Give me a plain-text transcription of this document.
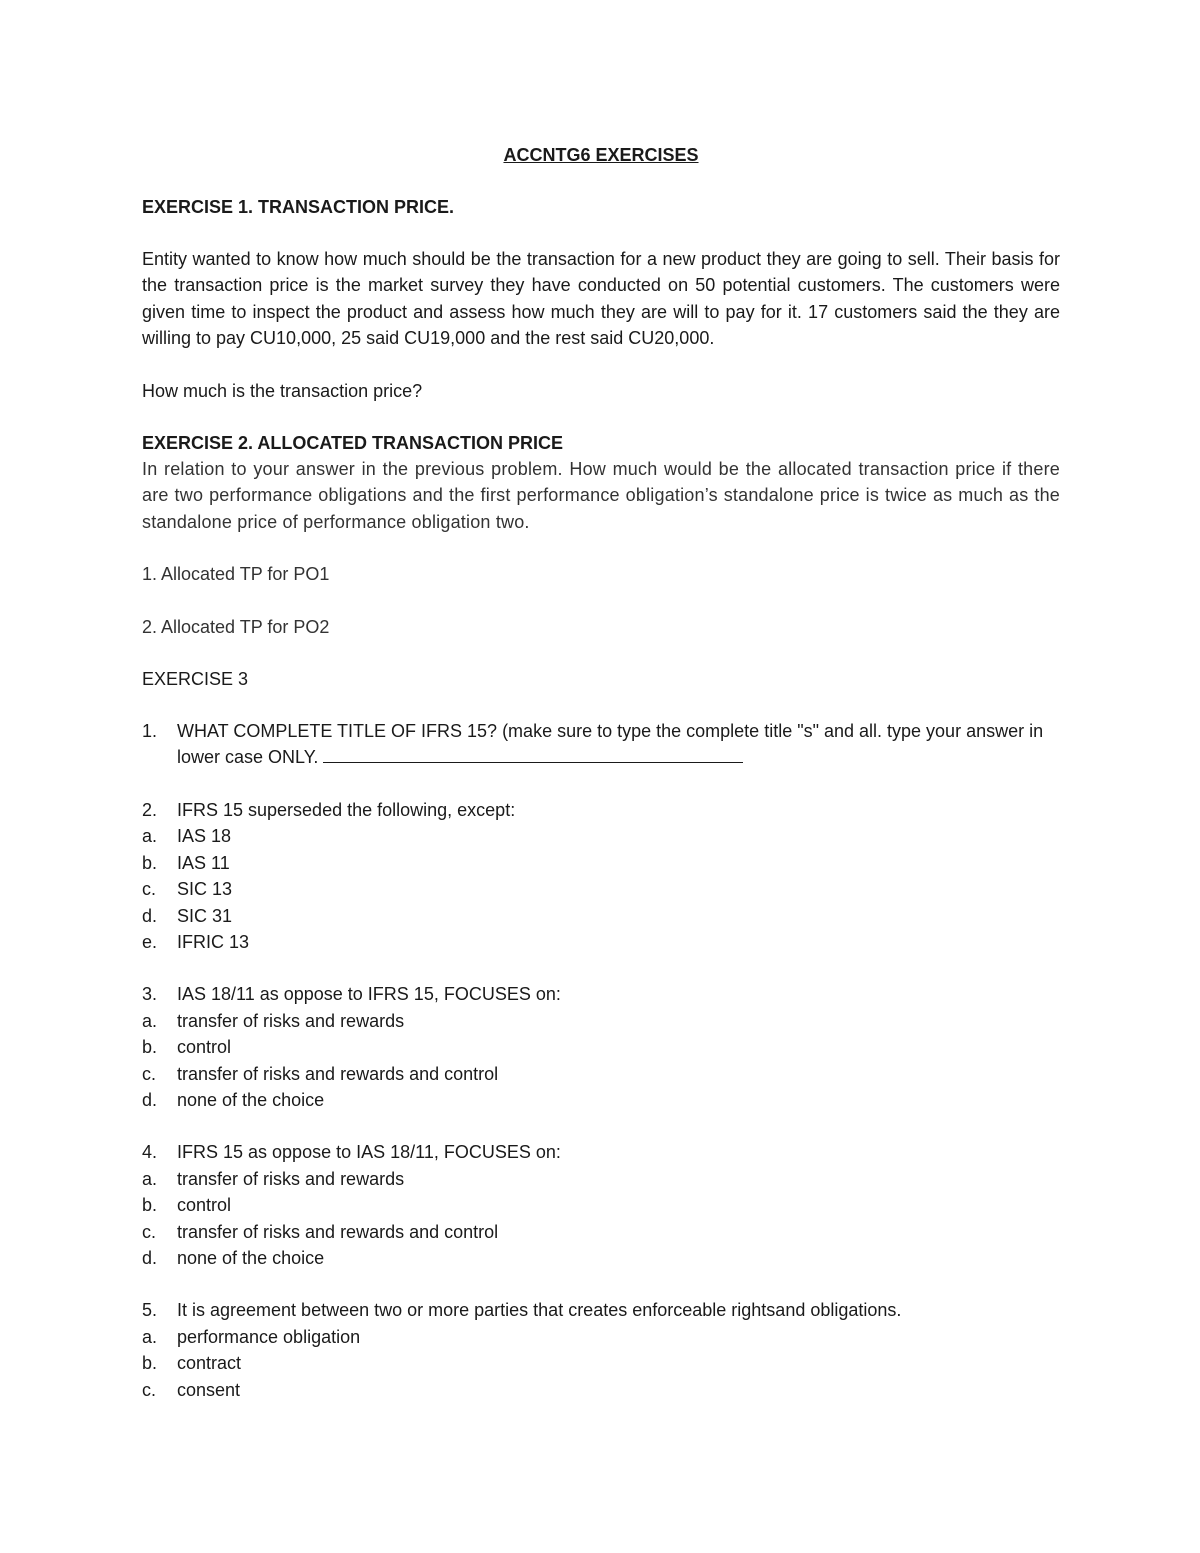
ACCNTG6 EXERCISES

EXERCISE 1. TRANSACTION PRICE.

Entity wanted to know how much should be the transaction for a new product they are going to sell. Their basis for the transaction price is the market survey they have conducted on 50 potential customers. The customers were given time to inspect the product and assess how much they are will to pay for it. 17 customers said the they are willing to pay CU10,000, 25 said CU19,000 and the rest said CU20,000.

How much is the transaction price?

EXERCISE 2. ALLOCATED TRANSACTION PRICE

In relation to your answer in the previous problem. How much would be the allocated transaction price if there are two performance obligations and the first performance obligation’s standalone price is twice as much as the standalone price of performance obligation two.

1. Allocated TP for PO1

2. Allocated TP for PO2

EXERCISE 3

1.	WHAT COMPLETE TITLE OF IFRS 15? (make sure to type the complete title "s" and all. type your answer in lower case ONLY.
2.	IFRS 15 superseded the following, except:
a.	IAS 18
b.	IAS 11
c.	SIC 13
d.	SIC 31
e.	IFRIC 13
3.	IAS 18/11 as oppose to IFRS 15, FOCUSES on:
a.	transfer of risks and rewards
b.	control
c.	transfer of risks and rewards and control
d.	none of the choice
4.	IFRS 15 as oppose to IAS 18/11, FOCUSES on:
a.	transfer of risks and rewards
b.	control
c.	transfer of risks and rewards and control
d.	none of the choice
5.	It is agreement between two or more parties that creates enforceable rightsand obligations.
a.	performance obligation
b.	contract
c.	consent
